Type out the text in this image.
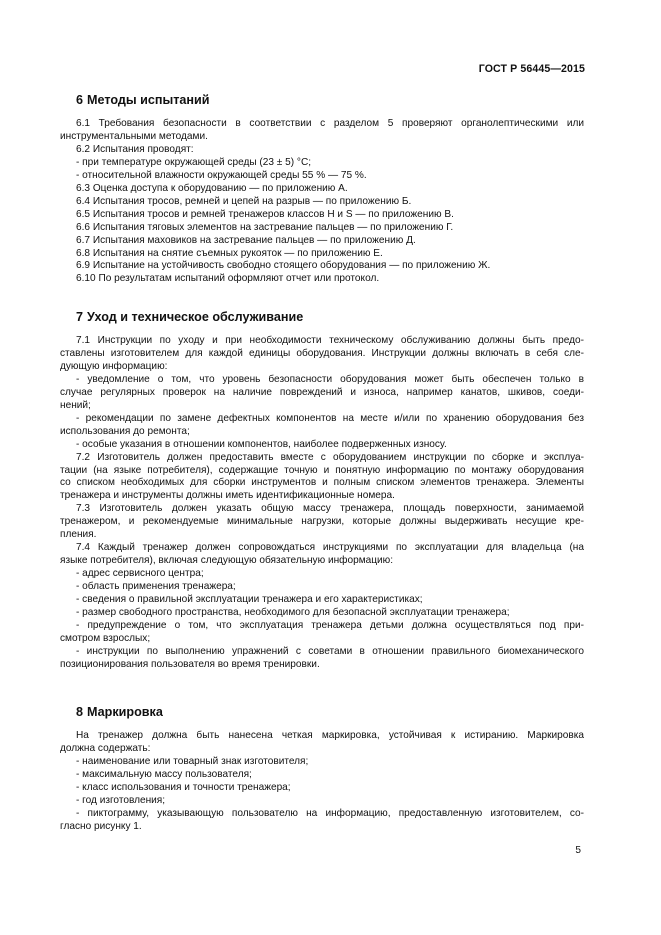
ГОСТ Р 56445—2015
6 Методы испытаний
6.1 Требования безопасности в соответствии с разделом 5 проверяют органолептическими или
инструментальными методами.
6.2 Испытания проводят:
- при температуре окружающей среды (23 ± 5) °C;
- относительной влажности окружающей среды 55 % — 75 %.
6.3 Оценка доступа к оборудованию — по приложению А.
6.4 Испытания тросов, ремней и цепей на разрыв — по приложению Б.
6.5 Испытания тросов и ремней тренажеров классов H и S — по приложению В.
6.6 Испытания тяговых элементов на застревание пальцев — по приложению Г.
6.7 Испытания маховиков на застревание пальцев — по приложению Д.
6.8 Испытания на снятие съемных рукояток — по приложению Е.
6.9 Испытание на устойчивость свободно стоящего оборудования — по приложению Ж.
6.10 По результатам испытаний оформляют отчет или протокол.
7 Уход и техническое обслуживание
7.1 Инструкции по уходу и при необходимости техническому обслуживанию должны быть предо-
ставлены изготовителем для каждой единицы оборудования. Инструкции должны включать в себя сле-
дующую информацию:
- уведомление о том, что уровень безопасности оборудования может быть обеспечен только в
случае регулярных проверок на наличие повреждений и износа, например канатов, шкивов, соеди-
нений;
- рекомендации по замене дефектных компонентов на месте и/или по хранению оборудования без
использования до ремонта;
- особые указания в отношении компонентов, наиболее подверженных износу.
7.2 Изготовитель должен предоставить вместе с оборудованием инструкции по сборке и эксплуа-
тации (на языке потребителя), содержащие точную и понятную информацию по монтажу оборудования
со списком необходимых для сборки инструментов и полным списком элементов тренажера. Элементы
тренажера и инструменты должны иметь идентификационные номера.
7.3 Изготовитель должен указать общую массу тренажера, площадь поверхности, занимаемой
тренажером, и рекомендуемые минимальные нагрузки, которые должны выдерживать несущие кре-
пления.
7.4 Каждый тренажер должен сопровождаться инструкциями по эксплуатации для владельца (на
языке потребителя), включая следующую обязательную информацию:
- адрес сервисного центра;
- область применения тренажера;
- сведения о правильной эксплуатации тренажера и его характеристиках;
- размер свободного пространства, необходимого для безопасной эксплуатации тренажера;
- предупреждение о том, что эксплуатация тренажера детьми должна осуществляться под при-
смотром взрослых;
- инструкции по выполнению упражнений с советами в отношении правильного биомеханического
позиционирования пользователя во время тренировки.
8 Маркировка
На тренажер должна быть нанесена четкая маркировка, устойчивая к истиранию. Маркировка
должна содержать:
- наименование или товарный знак изготовителя;
- максимальную массу пользователя;
- класс использования и точности тренажера;
- год изготовления;
- пиктограмму, указывающую пользователю на информацию, предоставленную изготовителем, со-
гласно рисунку 1.
5
